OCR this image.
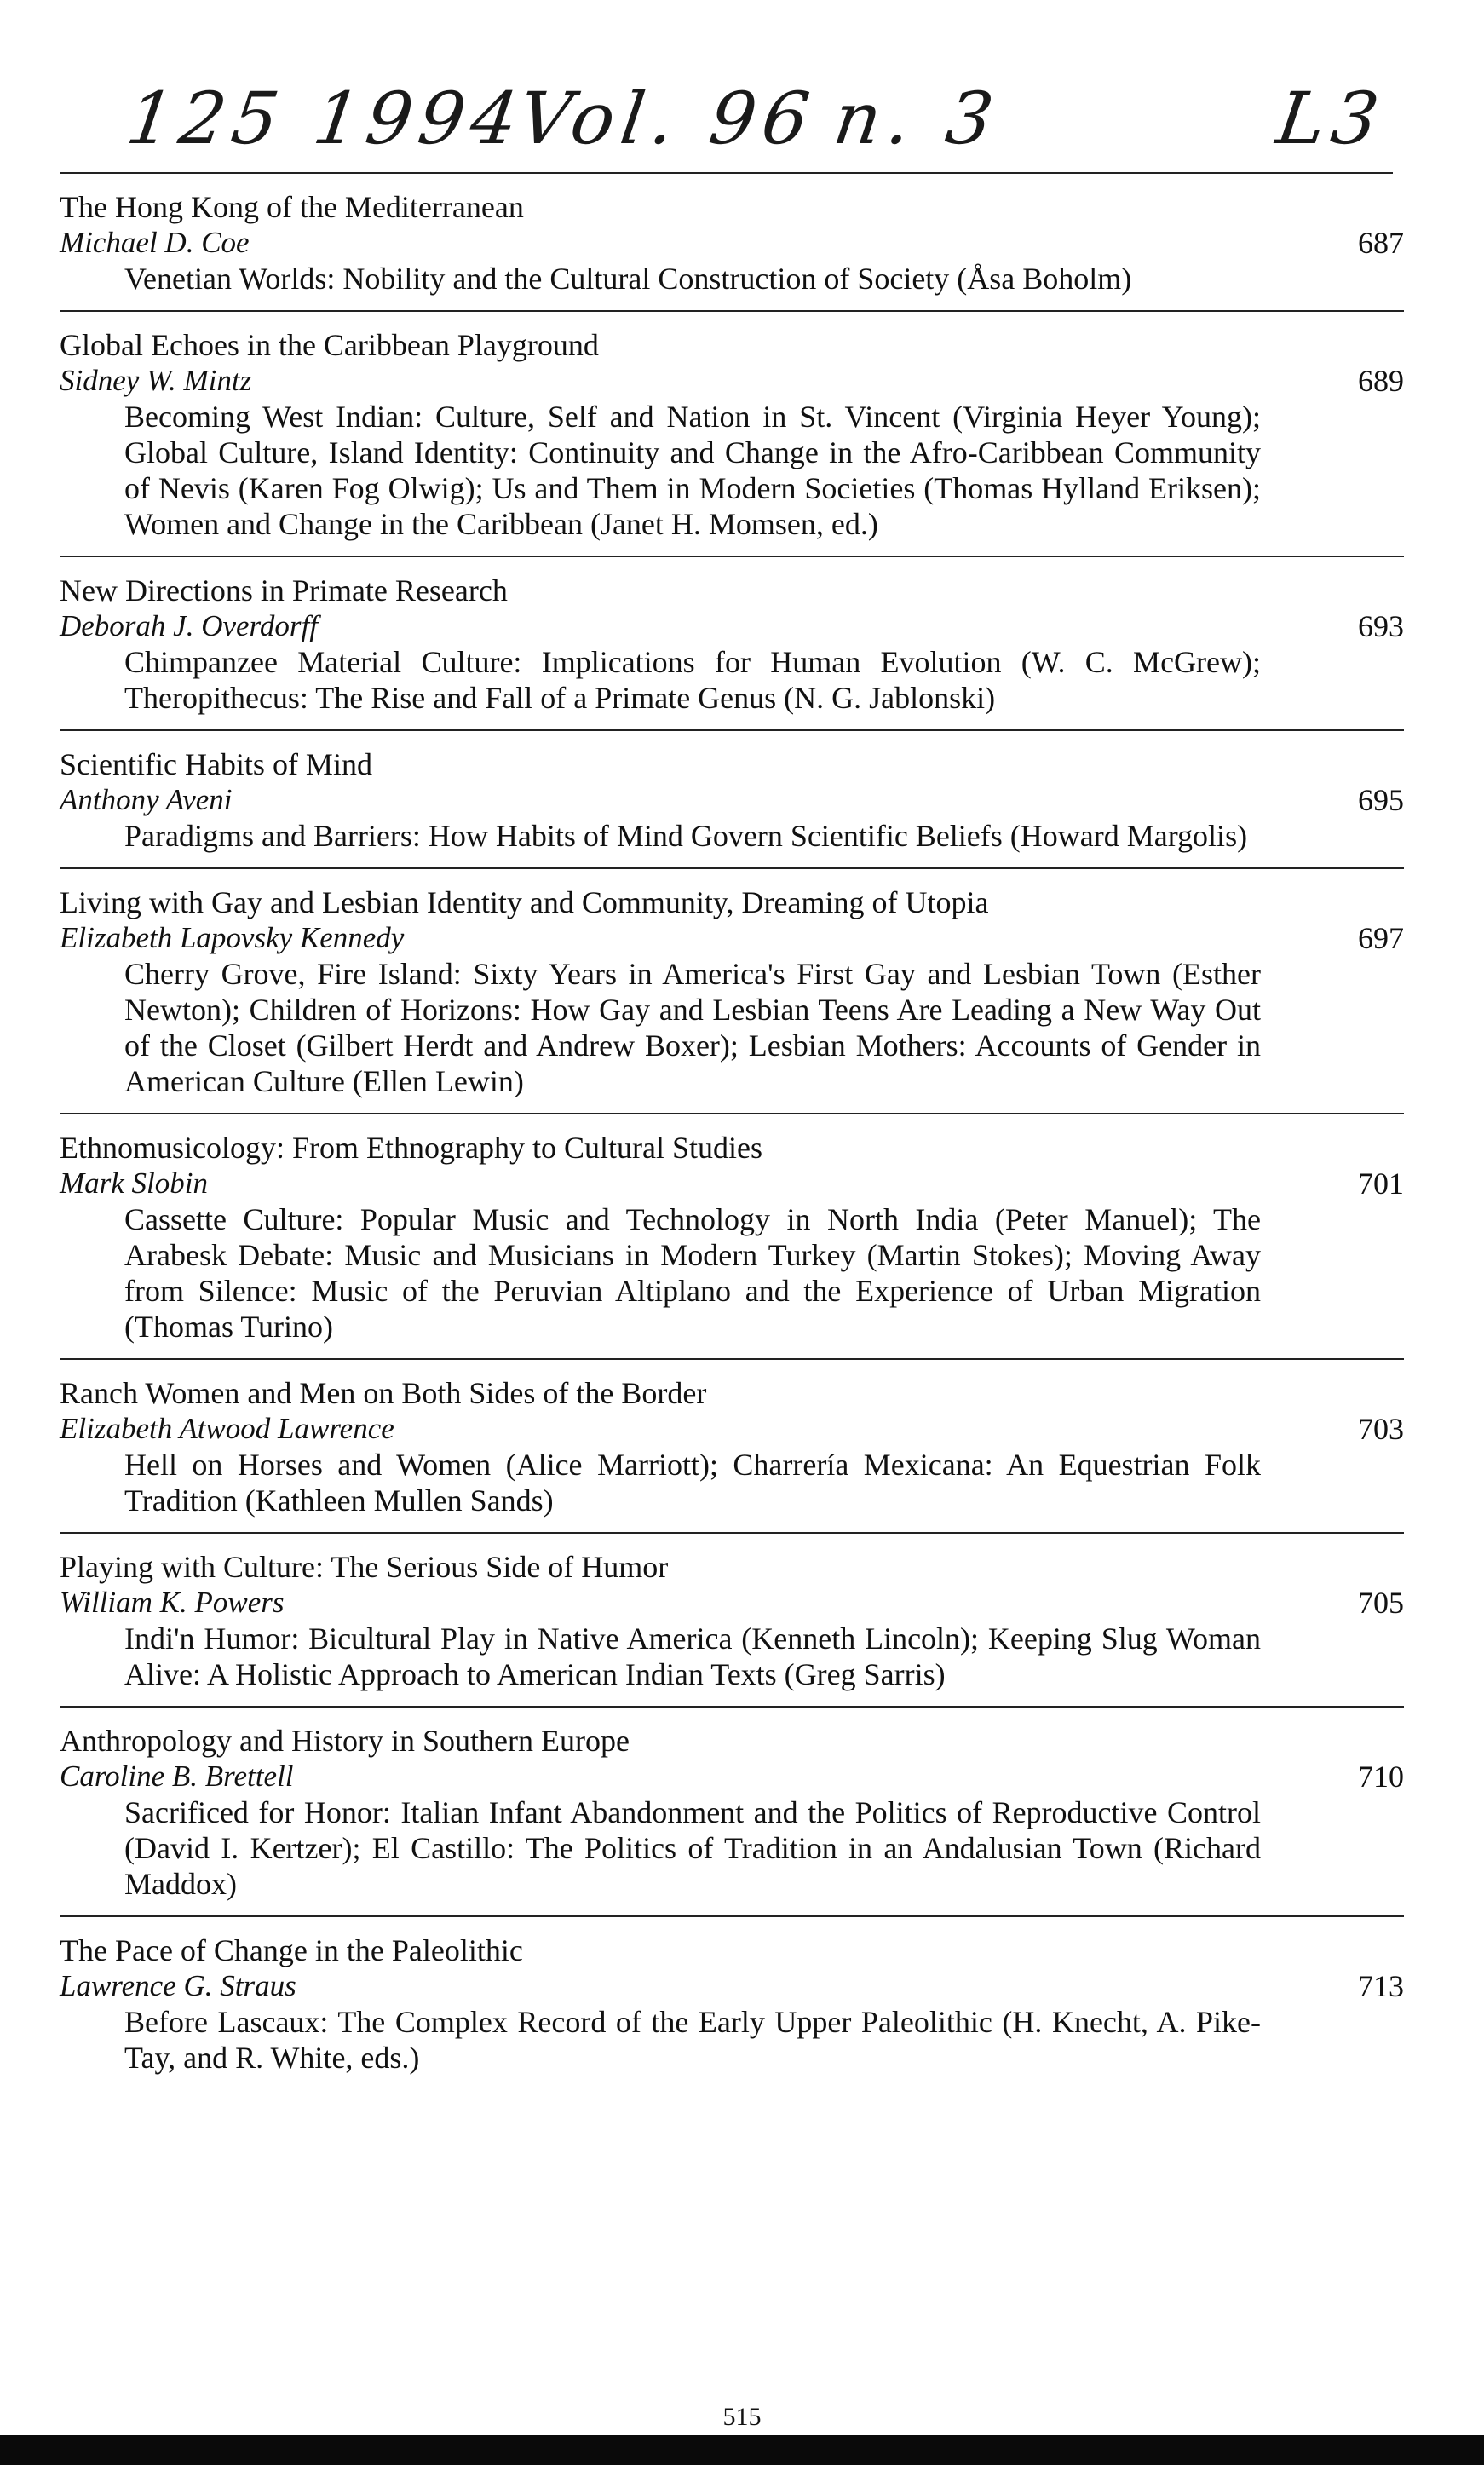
125 1994
Vol. 96 n. 3	L3

The Hong Kong of the Mediterranean

Michael D. Coe	687

Venetian Worlds: Nobility and the Cultural Construction of Society (Åsa Boholm)

Global Echoes in the Caribbean Playground

Sidney W. Mintz	689

Becoming West Indian: Culture, Self and Nation in St. Vincent (Virginia Heyer Young); Global Culture, Island Identity: Continuity and Change in the Afro-Caribbean Community of Nevis (Karen Fog Olwig); Us and Them in Modern Societies (Thomas Hylland Eriksen); Women and Change in the Caribbean (Janet H. Momsen, ed.)

New Directions in Primate Research

Deborah J. Overdorff	693

Chimpanzee Material Culture: Implications for Human Evolution (W. C. McGrew); Theropithecus: The Rise and Fall of a Primate Genus (N. G. Jablonski)

Scientific Habits of Mind

Anthony Aveni	695

Paradigms and Barriers: How Habits of Mind Govern Scientific Beliefs (Howard Margolis)

Living with Gay and Lesbian Identity and Community, Dreaming of Utopia

Elizabeth Lapovsky Kennedy	697

Cherry Grove, Fire Island: Sixty Years in America's First Gay and Lesbian Town (Esther Newton); Children of Horizons: How Gay and Lesbian Teens Are Leading a New Way Out of the Closet (Gilbert Herdt and Andrew Boxer); Lesbian Mothers: Accounts of Gender in American Culture (Ellen Lewin)

Ethnomusicology: From Ethnography to Cultural Studies

Mark Slobin	701

Cassette Culture: Popular Music and Technology in North India (Peter Manuel); The Arabesk Debate: Music and Musicians in Modern Turkey (Martin Stokes); Moving Away from Silence: Music of the Peruvian Altiplano and the Experience of Urban Migration (Thomas Turino)

Ranch Women and Men on Both Sides of the Border

Elizabeth Atwood Lawrence	703

Hell on Horses and Women (Alice Marriott); Charrería Mexicana: An Equestrian Folk Tradition (Kathleen Mullen Sands)

Playing with Culture: The Serious Side of Humor

William K. Powers	705

Indi'n Humor: Bicultural Play in Native America (Kenneth Lincoln); Keeping Slug Woman Alive: A Holistic Approach to American Indian Texts (Greg Sarris)

Anthropology and History in Southern Europe

Caroline B. Brettell	710

Sacrificed for Honor: Italian Infant Abandonment and the Politics of Reproductive Control (David I. Kertzer); El Castillo: The Politics of Tradition in an Andalusian Town (Richard Maddox)

The Pace of Change in the Paleolithic

Lawrence G. Straus	713

Before Lascaux: The Complex Record of the Early Upper Paleolithic (H. Knecht, A. Pike-Tay, and R. White, eds.)

515
